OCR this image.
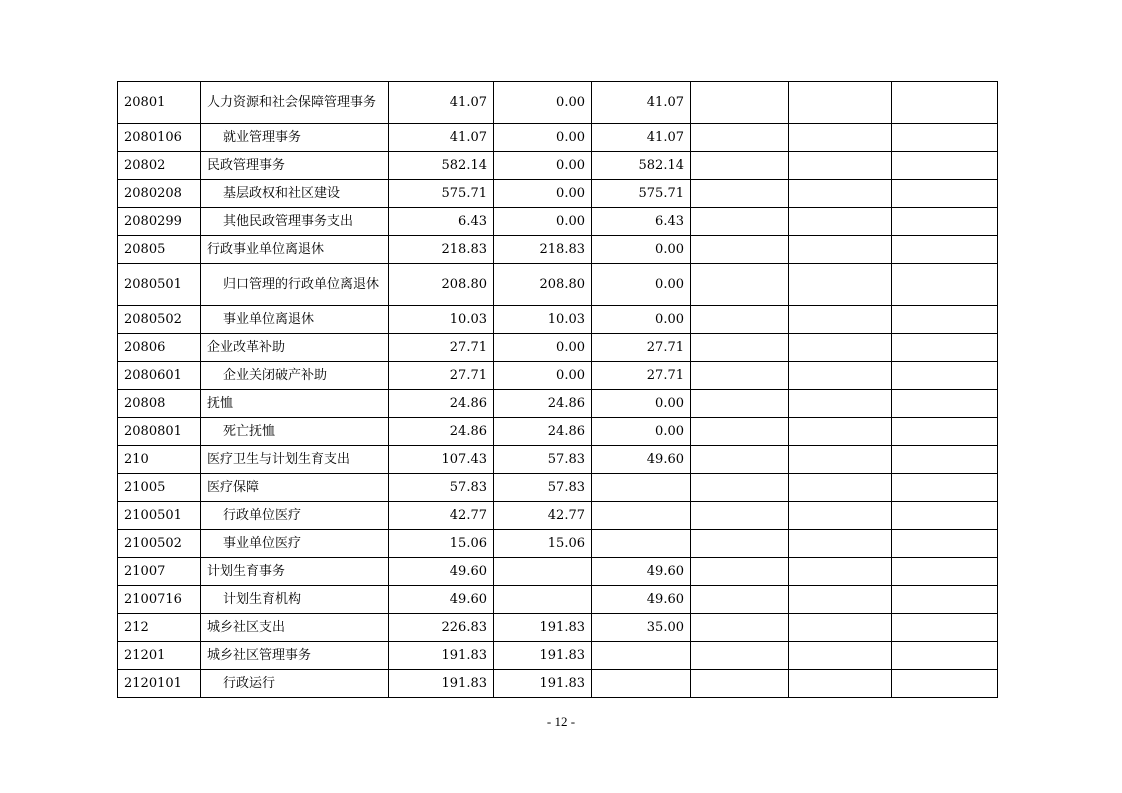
20801	人力资源和社会保障管理事务	41.07	0.00	41.07			
2080106	就业管理事务	41.07	0.00	41.07			
20802	民政管理事务	582.14	0.00	582.14			
2080208	基层政权和社区建设	575.71	0.00	575.71			
2080299	其他民政管理事务支出	6.43	0.00	6.43			
20805	行政事业单位离退休	218.83	218.83	0.00			
2080501	归口管理的行政单位离退休	208.80	208.80	0.00			
2080502	事业单位离退休	10.03	10.03	0.00			
20806	企业改革补助	27.71	0.00	27.71			
2080601	企业关闭破产补助	27.71	0.00	27.71			
20808	抚恤	24.86	24.86	0.00			
2080801	死亡抚恤	24.86	24.86	0.00			
210	医疗卫生与计划生育支出	107.43	57.83	49.60			
21005	医疗保障	57.83	57.83				
2100501	行政单位医疗	42.77	42.77				
2100502	事业单位医疗	15.06	15.06				
21007	计划生育事务	49.60		49.60			
2100716	计划生育机构	49.60		49.60			
212	城乡社区支出	226.83	191.83	35.00			
21201	城乡社区管理事务	191.83	191.83				
2120101	行政运行	191.83	191.83				
- 12 -
